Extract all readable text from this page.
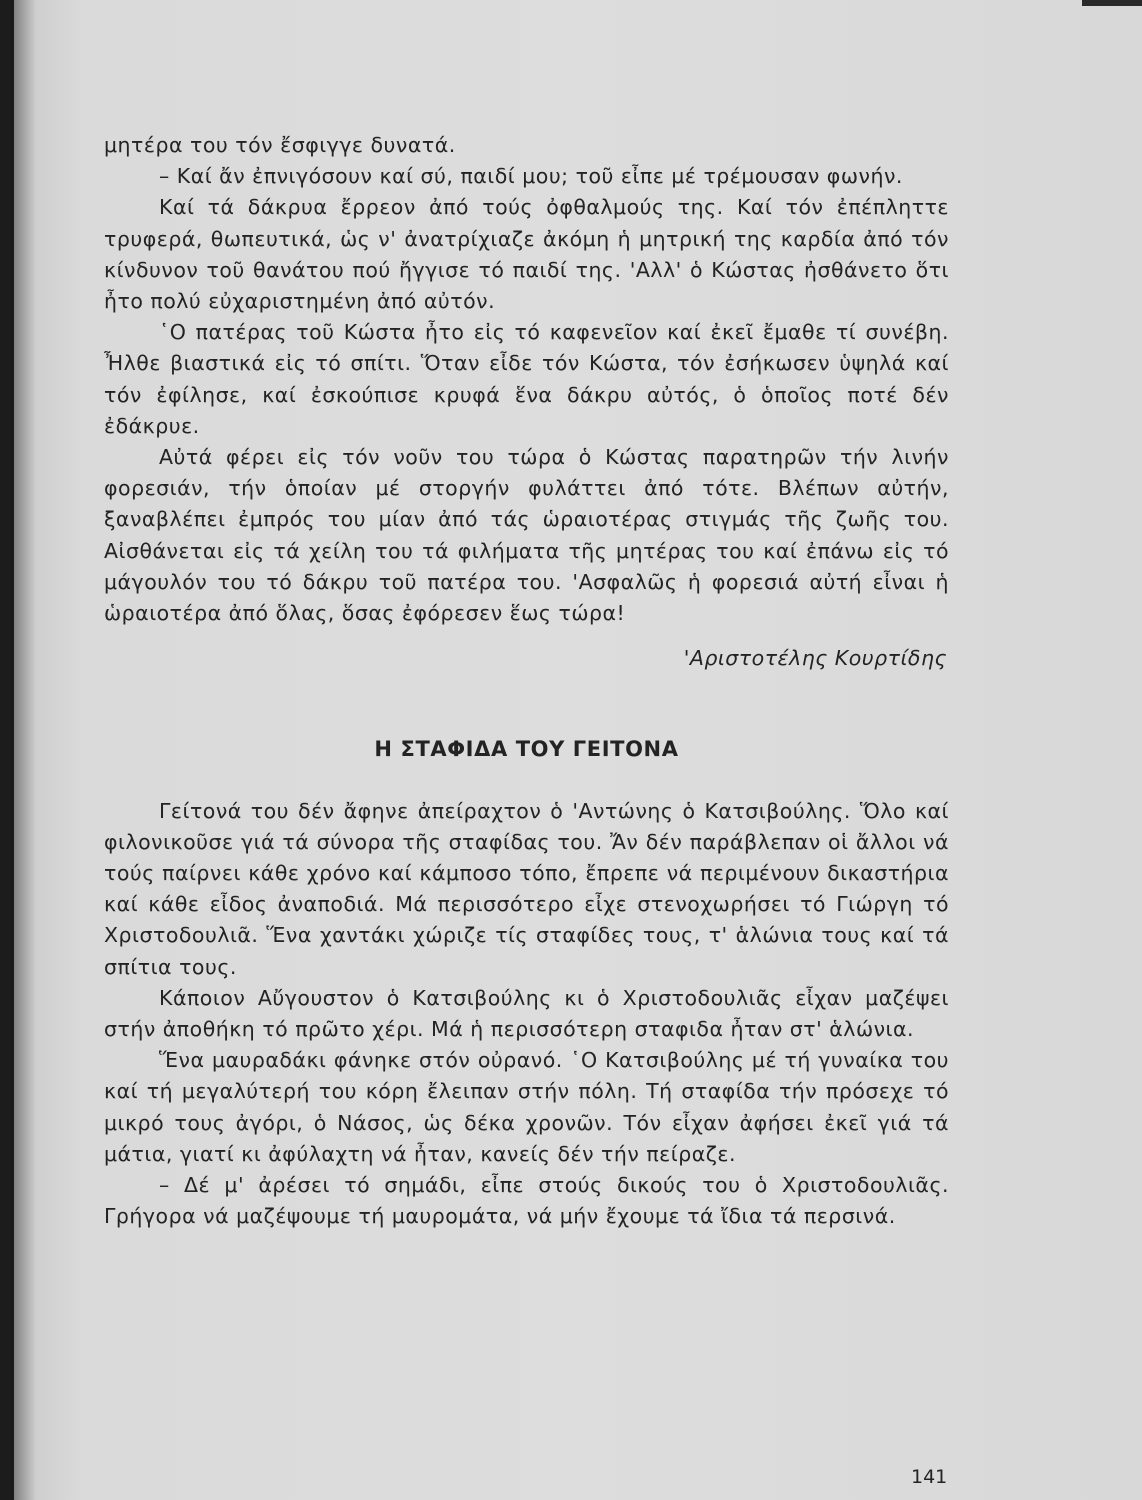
μητέρα του τόν ἔσφιγγε δυνατά.

– Καί ἄν ἐπνιγόσουν καί σύ, παιδί μου; τοῦ εἶπε μέ τρέμουσαν φωνήν.

Καί τά δάκρυα ἔρρεον ἀπό τούς ὀφθαλμούς της. Καί τόν ἐπέπληττε τρυφερά, θωπευτικά, ὡς ν' ἀνατρίχιαζε ἀκόμη ἡ μητρική της καρδία ἀπό τόν κίνδυνον τοῦ θανάτου πού ἤγγισε τό παιδί της. 'Αλλ' ὁ Κώστας ἠσθάνετο ὅτι ἦτο πολύ εὐχαριστημένη ἀπό αὐτόν.

῾Ο πατέρας τοῦ Κώστα ἦτο εἰς τό καφενεῖον καί ἐκεῖ ἔμαθε τί συνέβη. Ἦλθε βιαστικά εἰς τό σπίτι. Ὅταν εἶδε τόν Κώστα, τόν ἐσήκωσεν ὑψηλά καί τόν ἐφίλησε, καί ἐσκούπισε κρυφά ἕνα δάκρυ αὐτός, ὁ ὁποῖος ποτέ δέν ἐδάκρυε.

Αὐτά φέρει εἰς τόν νοῦν του τώρα ὁ Κώστας παρατηρῶν τήν λινήν φορεσιάν, τήν ὁποίαν μέ στοργήν φυλάττει ἀπό τότε. Βλέπων αὐτήν, ξαναβλέπει ἐμπρός του μίαν ἀπό τάς ὡραιοτέρας στιγμάς τῆς ζωῆς του. Αἰσθάνεται εἰς τά χείλη του τά φιλήματα τῆς μητέρας του καί ἐπάνω εἰς τό μάγουλόν του τό δάκρυ τοῦ πατέρα του. 'Ασφαλῶς ἡ φορεσιά αὐτή εἶναι ἡ ὡραιοτέρα ἀπό ὅλας, ὅσας ἐφόρεσεν ἕως τώρα!

'Αριστοτέλης Κουρτίδης

Η ΣΤΑΦΙΔΑ ΤΟΥ ΓΕΙΤΟΝΑ

Γείτονά του δέν ἄφηνε ἀπείραχτον ὁ 'Αντώνης ὁ Κατσιβούλης. Ὅλο καί φιλονικοῦσε γιά τά σύνορα τῆς σταφίδας του. Ἄν δέν παράβλεπαν οἱ ἄλλοι νά τούς παίρνει κάθε χρόνο καί κάμποσο τόπο, ἔπρεπε νά περιμένουν δικαστήρια καί κάθε εἶδος ἀναποδιά. Μά περισσότερο εἶχε στενοχωρήσει τό Γιώργη τό Χριστοδουλιᾶ. Ἕνα χαντάκι χώριζε τίς σταφίδες τους, τ' ἁλώνια τους καί τά σπίτια τους.

Κάποιον Αὔγουστον ὁ Κατσιβούλης κι ὁ Χριστοδουλιᾶς εἶχαν μαζέψει στήν ἀποθήκη τό πρῶτο χέρι. Μά ἡ περισσότερη σταφιδα ἦταν στ' ἁλώνια.

Ἕνα μαυραδάκι φάνηκε στόν οὐρανό. ῾Ο Κατσιβούλης μέ τή γυναίκα του καί τή μεγαλύτερή του κόρη ἔλειπαν στήν πόλη. Τή σταφίδα τήν πρόσεχε τό μικρό τους ἀγόρι, ὁ Νάσος, ὡς δέκα χρονῶν. Τόν εἶχαν ἀφήσει ἐκεῖ γιά τά μάτια, γιατί κι ἀφύλαχτη νά ἦταν, κανείς δέν τήν πείραζε.

– Δέ μ' ἀρέσει τό σημάδι, εἶπε στούς δικούς του ὁ Χριστοδουλιᾶς. Γρήγορα νά μαζέψουμε τή μαυρομάτα, νά μήν ἔχουμε τά ἴδια τά περσινά.

141
